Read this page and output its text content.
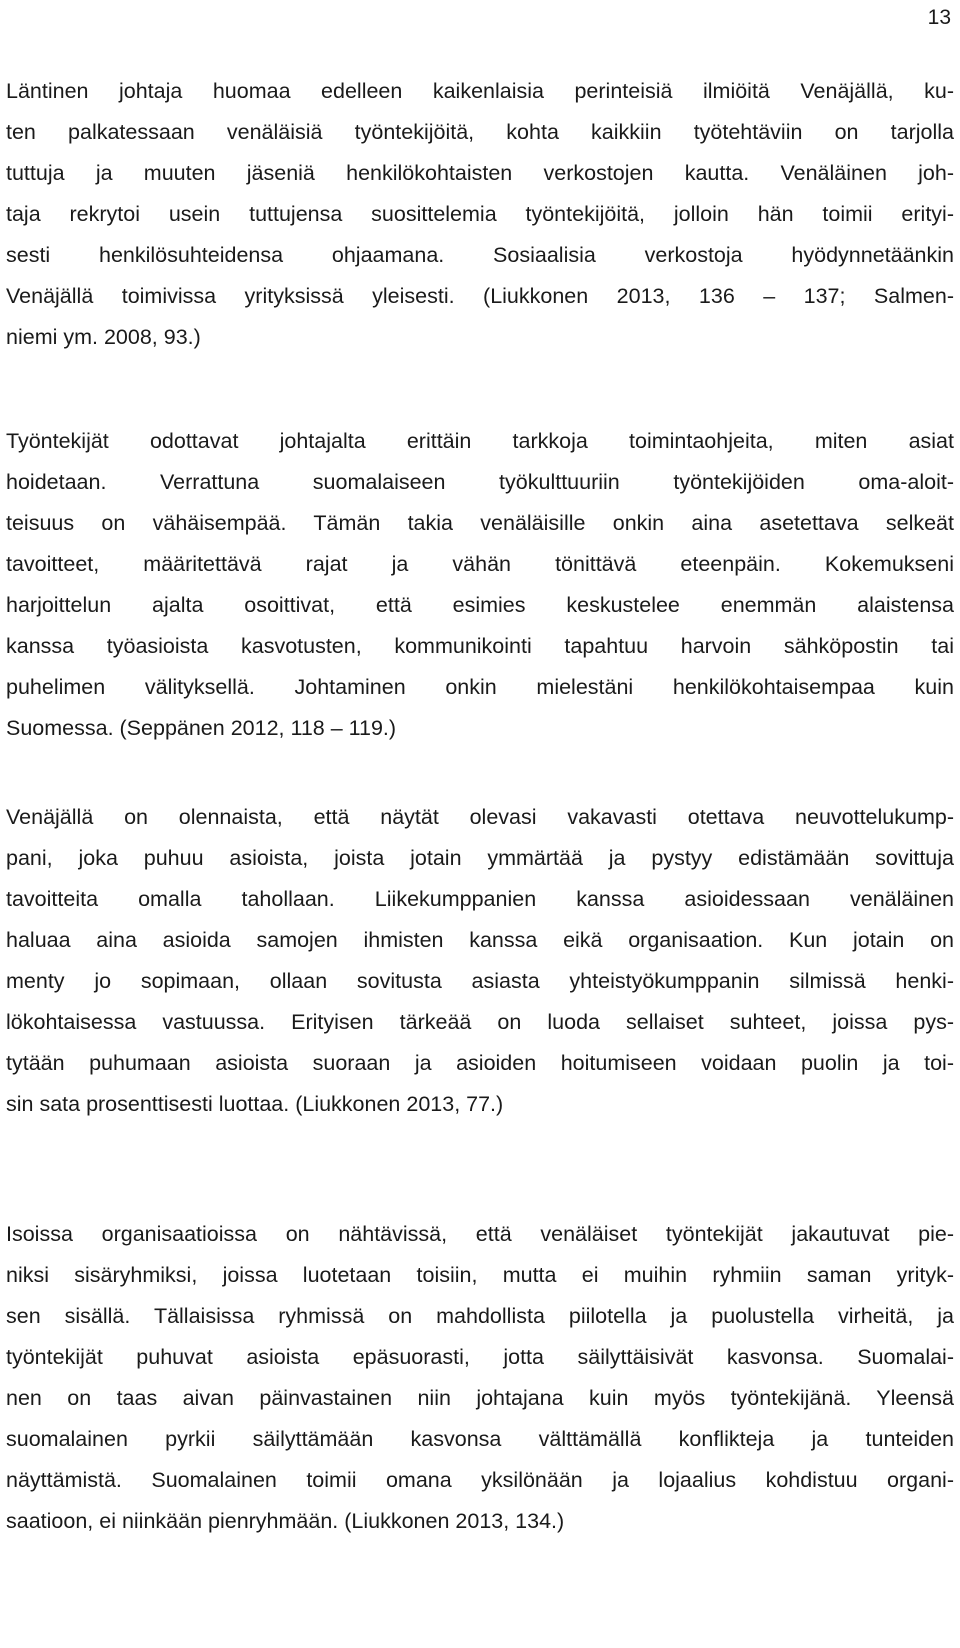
13

Läntinen johtaja huomaa edelleen kaikenlaisia perinteisiä ilmiöitä Venäjällä, ku-
ten palkatessaan venäläisiä työntekijöitä, kohta kaikkiin työtehtäviin on tarjolla
tuttuja ja muuten jäseniä henkilökohtaisten verkostojen kautta. Venäläinen joh-
taja rekrytoi usein tuttujensa suosittelemia työntekijöitä, jolloin hän toimii erityi-
sesti henkilösuhteidensa ohjaamana. Sosiaalisia verkostoja hyödynnetäänkin
Venäjällä toimivissa yrityksissä yleisesti. (Liukkonen 2013, 136 – 137; Salmen-
niemi ym. 2008, 93.)

Työntekijät odottavat johtajalta erittäin tarkkoja toimintaohjeita, miten asiat
hoidetaan. Verrattuna suomalaiseen työkulttuuriin työntekijöiden oma-aloit-
teisuus on vähäisempää. Tämän takia venäläisille onkin aina asetettava selkeät
tavoitteet, määritettävä rajat ja vähän tönittävä eteenpäin. Kokemukseni
harjoittelun ajalta osoittivat, että esimies keskustelee enemmän alaistensa
kanssa työasioista kasvotusten, kommunikointi tapahtuu harvoin sähköpostin tai
puhelimen välityksellä. Johtaminen onkin mielestäni henkilökohtaisempaa kuin
Suomessa. (Seppänen 2012, 118 – 119.)

Venäjällä on olennaista, että näytät olevasi vakavasti otettava neuvottelukump-
pani, joka puhuu asioista, joista jotain ymmärtää ja pystyy edistämään sovittuja
tavoitteita omalla tahollaan. Liikekumppanien kanssa asioidessaan venäläinen
haluaa aina asioida samojen ihmisten kanssa eikä organisaation. Kun jotain on
menty jo sopimaan, ollaan sovitusta asiasta yhteistyökumppanin silmissä henki-
lökohtaisessa vastuussa. Erityisen tärkeää on luoda sellaiset suhteet, joissa pys-
tytään puhumaan asioista suoraan ja asioiden hoitumiseen voidaan puolin ja toi-
sin sata prosenttisesti luottaa. (Liukkonen 2013, 77.)

Isoissa organisaatioissa on nähtävissä, että venäläiset työntekijät jakautuvat pie-
niksi sisäryhmiksi, joissa luotetaan toisiin, mutta ei muihin ryhmiin saman yrityk-
sen sisällä. Tällaisissa ryhmissä on mahdollista piilotella ja puolustella virheitä, ja
työntekijät puhuvat asioista epäsuorasti, jotta säilyttäisivät kasvonsa. Suomalai-
nen on taas aivan päinvastainen niin johtajana kuin myös työntekijänä. Yleensä
suomalainen pyrkii säilyttämään kasvonsa välttämällä konflikteja ja tunteiden
näyttämistä. Suomalainen toimii omana yksilönään ja lojaalius kohdistuu organi-
saatioon, ei niinkään pienryhmään. (Liukkonen 2013, 134.)
